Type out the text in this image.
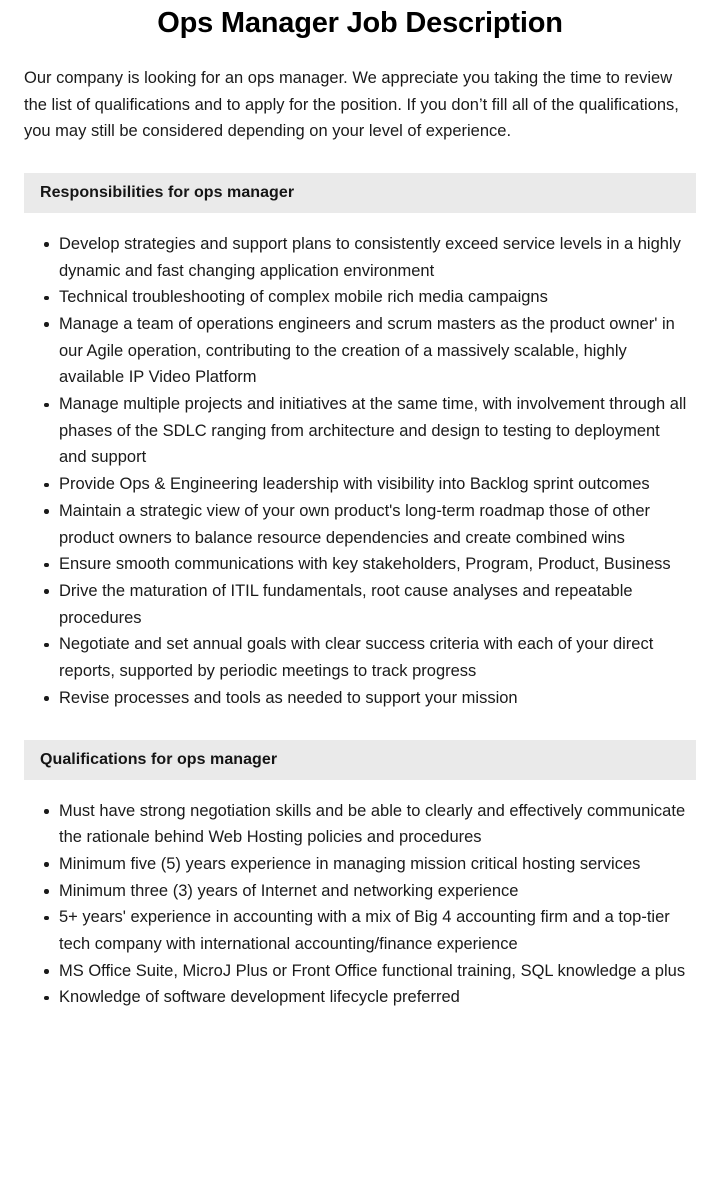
Ops Manager Job Description

Our company is looking for an ops manager. We appreciate you taking the time to review the list of qualifications and to apply for the position. If you don’t fill all of the qualifications, you may still be considered depending on your level of experience.

Responsibilities for ops manager
Develop strategies and support plans to consistently exceed service levels in a highly dynamic and fast changing application environment
Technical troubleshooting of complex mobile rich media campaigns
Manage a team of operations engineers and scrum masters as the product owner' in our Agile operation, contributing to the creation of a massively scalable, highly available IP Video Platform
Manage multiple projects and initiatives at the same time, with involvement through all phases of the SDLC ranging from architecture and design to testing to deployment and support
Provide Ops & Engineering leadership with visibility into Backlog sprint outcomes
Maintain a strategic view of your own product's long-term roadmap those of other product owners to balance resource dependencies and create combined wins
Ensure smooth communications with key stakeholders, Program, Product, Business
Drive the maturation of ITIL fundamentals, root cause analyses and repeatable procedures
Negotiate and set annual goals with clear success criteria with each of your direct reports, supported by periodic meetings to track progress
Revise processes and tools as needed to support your mission
Qualifications for ops manager
Must have strong negotiation skills and be able to clearly and effectively communicate the rationale behind Web Hosting policies and procedures
Minimum five (5) years experience in managing mission critical hosting services
Minimum three (3) years of Internet and networking experience
5+ years' experience in accounting with a mix of Big 4 accounting firm and a top-tier tech company with international accounting/finance experience
MS Office Suite, MicroJ Plus or Front Office functional training, SQL knowledge a plus
Knowledge of software development lifecycle preferred
